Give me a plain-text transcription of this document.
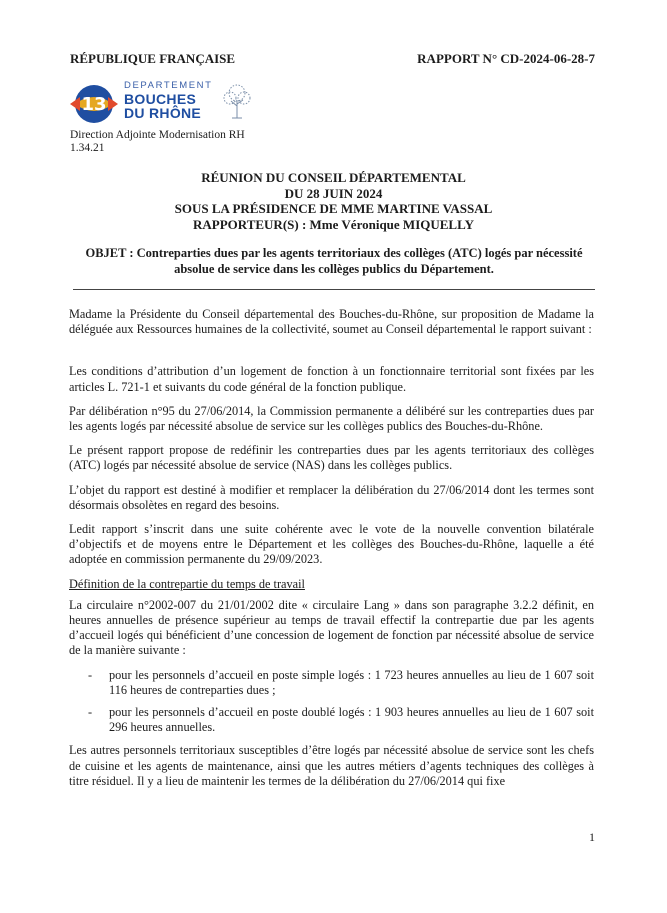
RÉPUBLIQUE FRANÇAISE	RAPPORT N° CD-2024-06-28-7
13
DEPARTEMENT
BOUCHES
DU RHÔNE
Direction Adjointe Modernisation RH
1.34.21
RÉUNION DU CONSEIL DÉPARTEMENTAL
DU 28 JUIN 2024
SOUS LA PRÉSIDENCE DE MME MARTINE VASSAL
RAPPORTEUR(S) : Mme Véronique MIQUELLY
OBJET : Contreparties dues par les agents territoriaux des collèges (ATC) logés par nécessité
absolue de service dans les collèges publics du Département.

Madame la Présidente du Conseil départemental des Bouches-du-Rhône, sur proposition de Madame la déléguée aux Ressources humaines de la collectivité, soumet au Conseil départemental le rapport suivant :

Les conditions d’attribution d’un logement de fonction à un fonctionnaire territorial sont fixées par les articles L. 721-1 et suivants du code général de la fonction publique.

Par délibération n°95 du 27/06/2014, la Commission permanente a délibéré sur les contreparties dues par les agents logés par nécessité absolue de service sur les collèges publics des Bouches-du-Rhône.

Le présent rapport propose de redéfinir les contreparties dues par les agents territoriaux des collèges (ATC) logés par nécessité absolue de service (NAS) dans les collèges publics.

L’objet du rapport est destiné à modifier et remplacer la délibération du 27/06/2014 dont les termes sont désormais obsolètes en regard des besoins.

Ledit rapport s’inscrit dans une suite cohérente avec le vote de la nouvelle convention bilatérale d’objectifs et de moyens entre le Département et les collèges des Bouches-du-Rhône, laquelle a été adoptée en commission permanente du 29/09/2023.

Définition de la contrepartie du temps de travail

La circulaire n°2002-007 du 21/01/2002 dite « circulaire Lang » dans son paragraphe 3.2.2 définit, en heures annuelles de présence supérieur au temps de travail effectif la contrepartie due par les agents d’accueil logés qui bénéficient d’une concession de logement de fonction par nécessité absolue de service de la manière suivante :

- pour les personnels d’accueil en poste simple logés : 1 723 heures annuelles au lieu de 1 607 soit 116 heures de contreparties dues ;
- pour les personnels d’accueil en poste doublé logés : 1 903 heures annuelles au lieu de 1 607 soit 296 heures annuelles.

Les autres personnels territoriaux susceptibles d’être logés par nécessité absolue de service sont les chefs de cuisine et les agents de maintenance, ainsi que les autres métiers d’agents techniques des collèges à titre résiduel. Il y a lieu de maintenir les termes de la délibération du 27/06/2014 qui fixe

1
